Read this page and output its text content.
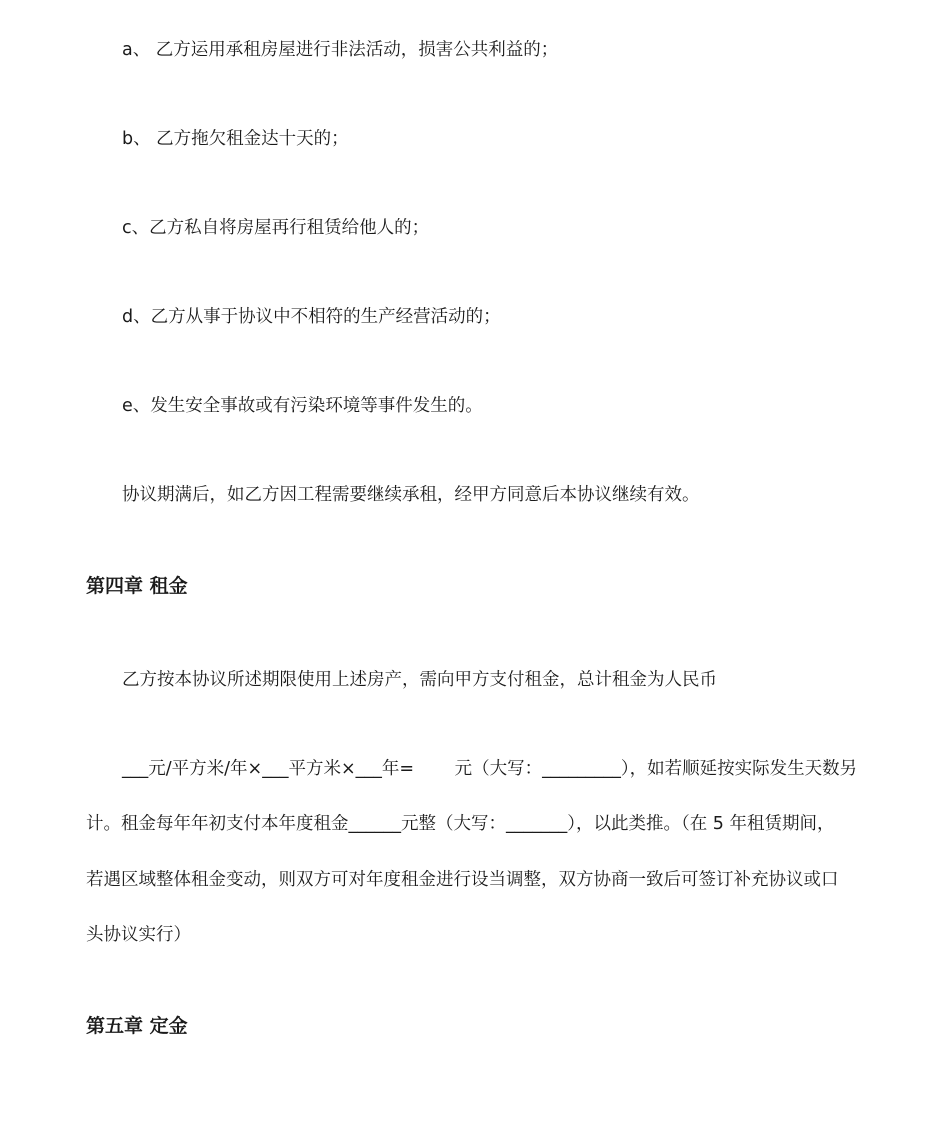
a、 乙方运用承租房屋进行非法活动，损害公共利益的；

b、 乙方拖欠租金达十天的；

c、乙方私自将房屋再行租赁给他人的；

d、乙方从事于协议中不相符的生产经营活动的；

e、发生安全事故或有污染环境等事件发生的。

协议期满后，如乙方因工程需要继续承租，经甲方同意后本协议继续有效。

第四章 租金

乙方按本协议所述期限使用上述房产，需向甲方支付租金，总计租金为人民币

___元/平方米/年×___平方米×___年=　　 元（大写：_________），如若顺延按实际发生天数另

计。租金每年年初支付本年度租金______元整（大写：_______），以此类推。（在 5 年租赁期间，

若遇区域整体租金变动，则双方可对年度租金进行设当调整，双方协商一致后可签订补充协议或口

头协议实行）

第五章 定金
